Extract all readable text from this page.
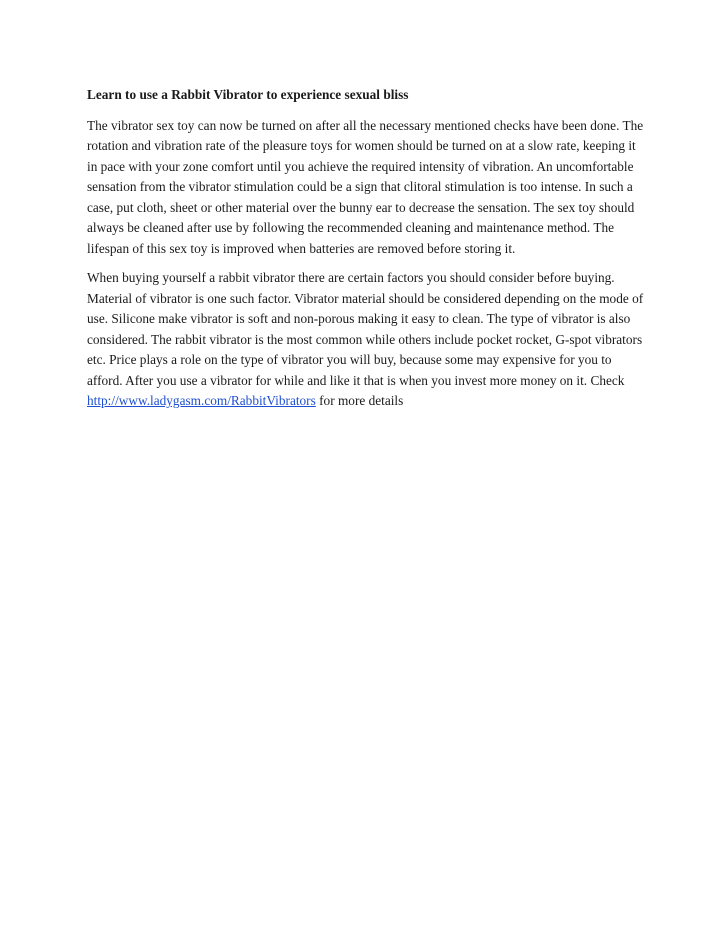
Learn to use a Rabbit Vibrator to experience sexual bliss

The vibrator sex toy can now be turned on after all the necessary mentioned checks have been done. The rotation and vibration rate of the pleasure toys for women should be turned on at a slow rate, keeping it in pace with your zone comfort until you achieve the required intensity of vibration. An uncomfortable sensation from the vibrator stimulation could be a sign that clitoral stimulation is too intense. In such a case, put cloth, sheet or other material over the bunny ear to decrease the sensation. The sex toy should always be cleaned after use by following the recommended cleaning and maintenance method. The lifespan of this sex toy is improved when batteries are removed before storing it.

When buying yourself a rabbit vibrator there are certain factors you should consider before buying. Material of vibrator is one such factor. Vibrator material should be considered depending on the mode of use. Silicone make vibrator is soft and non-porous making it easy to clean. The type of vibrator is also considered. The rabbit vibrator is the most common while others include pocket rocket, G-spot vibrators etc. Price plays a role on the type of vibrator you will buy, because some may expensive for you to afford. After you use a vibrator for while and like it that is when you invest more money on it. Check http://www.ladygasm.com/RabbitVibrators for more details
